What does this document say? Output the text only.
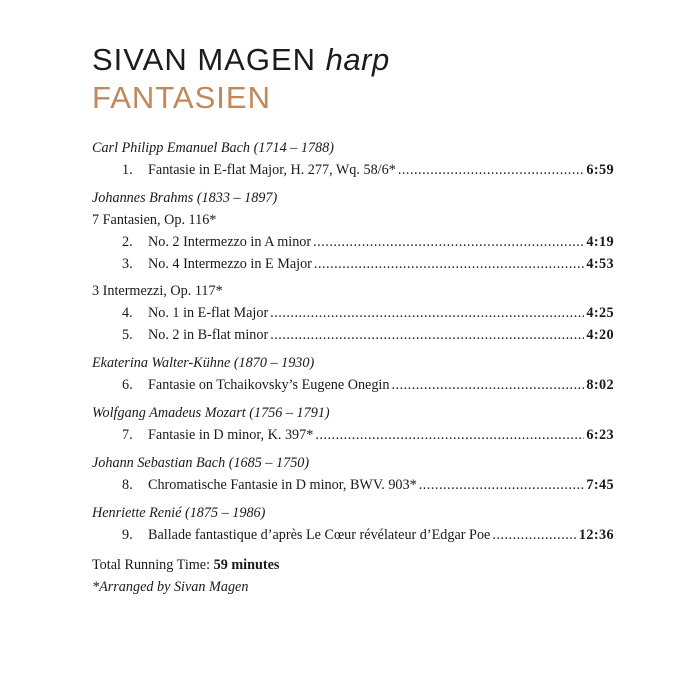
SIVAN MAGEN harp
FANTASIEN
Carl Philipp Emanuel Bach (1714 – 1788)
1.	Fantasie in E-flat Major, H. 277, Wq. 58/6* .....	6:59
Johannes Brahms (1833 – 1897)
7 Fantasien, Op. 116*
2.	No. 2 Intermezzo in A minor .....	4:19
3.	No. 4 Intermezzo in E Major .....	4:53
3 Intermezzi, Op. 117*
4.	No. 1 in E-flat Major .....	4:25
5.	No. 2 in B-flat minor .....	4:20
Ekaterina Walter-Kühne (1870 – 1930)
6.	Fantasie on Tchaikovsky’s Eugene Onegin .....	8:02
Wolfgang Amadeus Mozart (1756 – 1791)
7.	Fantasie in D minor, K. 397* .....	6:23
Johann Sebastian Bach (1685 – 1750)
8.	Chromatische Fantasie in D minor, BWV. 903* .....	7:45
Henriette Renié (1875 – 1986)
9.	Ballade fantastique d’après Le Cœur révélateur d’Edgar Poe .....	12:36
Total Running Time: 59 minutes
*Arranged by Sivan Magen
